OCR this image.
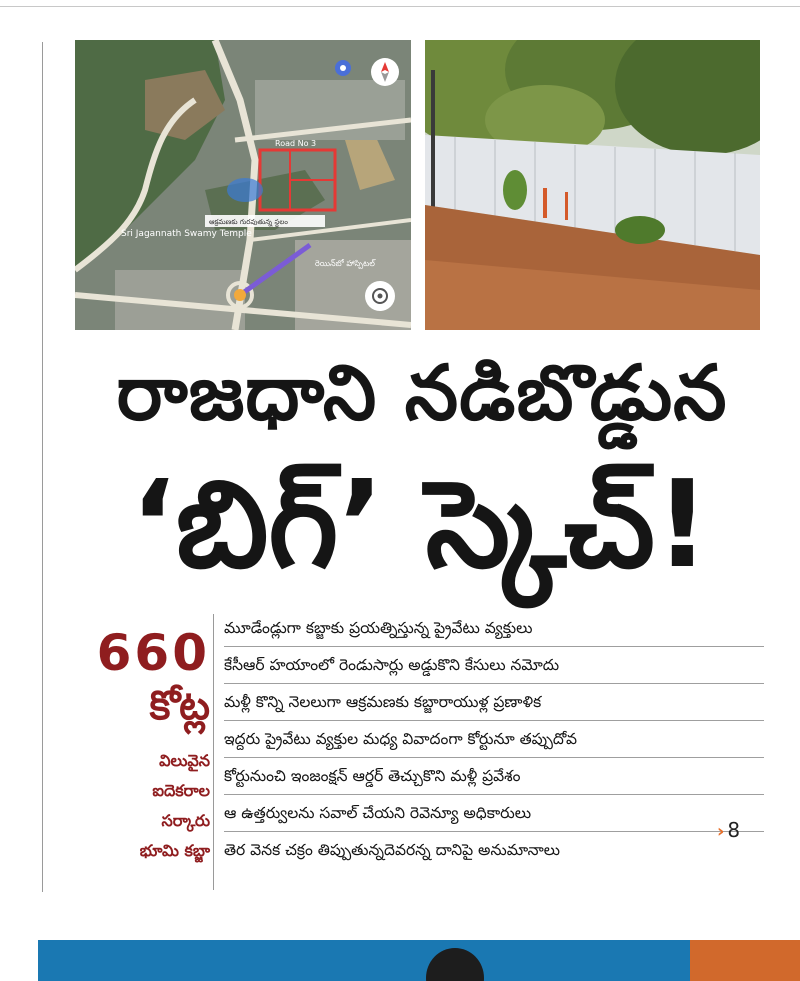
ఆక్రమణకు గురవుతున్న స్థలం
Sri Jagannath Swamy Temple
Road No 3
రెయిన్‌బో హాస్పిటల్
రాజధాని నడిబొడ్డున
‘బిగ్’ స్కెచ్!
660
కోట్ల
విలువైన
ఐదెకరాల
సర్కారు
భూమి కబ్జా
మూడేండ్లుగా కబ్జాకు ప్రయత్నిస్తున్న ప్రైవేటు వ్యక్తులు
కేసీఆర్ హయాంలో రెండుసార్లు అడ్డుకొని కేసులు నమోదు
మళ్లీ కొన్ని నెలలుగా ఆక్రమణకు కబ్జారాయుళ్ల ప్రణాళిక
ఇద్దరు ప్రైవేటు వ్యక్తుల మధ్య వివాదంగా కోర్టునూ తప్పుదోవ
కోర్టునుంచి ఇంజంక్షన్ ఆర్డర్ తెచ్చుకొని మళ్లీ ప్రవేశం
ఆ ఉత్తర్వులను సవాల్ చేయని రెవెన్యూ అధికారులు
తెర వెనక చక్రం తిప్పుతున్నదెవరన్న దానిపై అనుమానాలు
› 8
